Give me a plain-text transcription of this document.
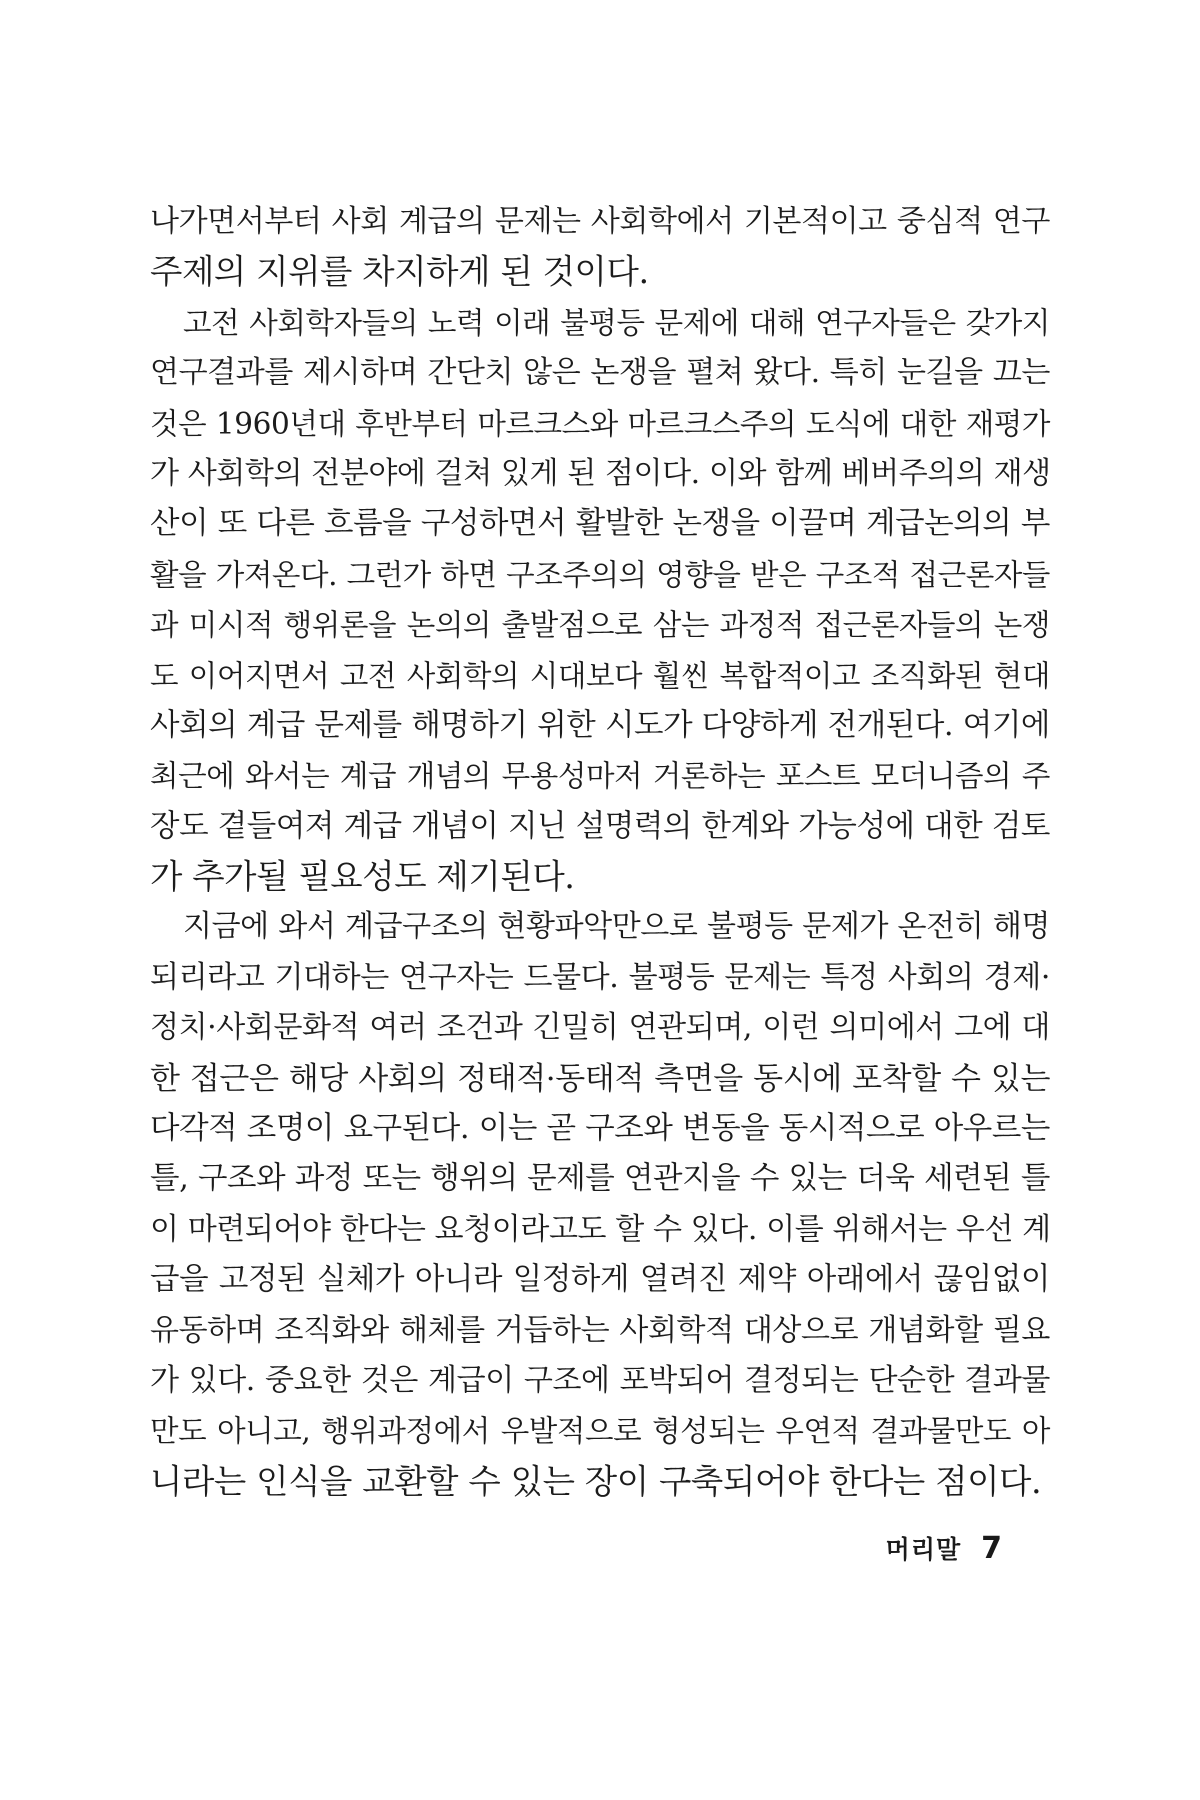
나가면서부터 사회 계급의 문제는 사회학에서 기본적이고 중심적 연구
주제의 지위를 차지하게 된 것이다.
고전 사회학자들의 노력 이래 불평등 문제에 대해 연구자들은 갖가지
연구결과를 제시하며 간단치 않은 논쟁을 펼쳐 왔다. 특히 눈길을 끄는
것은 1960년대 후반부터 마르크스와 마르크스주의 도식에 대한 재평가
가 사회학의 전분야에 걸쳐 있게 된 점이다. 이와 함께 베버주의의 재생
산이 또 다른 흐름을 구성하면서 활발한 논쟁을 이끌며 계급논의의 부
활을 가져온다. 그런가 하면 구조주의의 영향을 받은 구조적 접근론자들
과 미시적 행위론을 논의의 출발점으로 삼는 과정적 접근론자들의 논쟁
도 이어지면서 고전 사회학의 시대보다 훨씬 복합적이고 조직화된 현대
사회의 계급 문제를 해명하기 위한 시도가 다양하게 전개된다. 여기에
최근에 와서는 계급 개념의 무용성마저 거론하는 포스트 모더니즘의 주
장도 곁들여져 계급 개념이 지닌 설명력의 한계와 가능성에 대한 검토
가 추가될 필요성도 제기된다.
지금에 와서 계급구조의 현황파악만으로 불평등 문제가 온전히 해명
되리라고 기대하는 연구자는 드물다. 불평등 문제는 특정 사회의 경제·
정치·사회문화적 여러 조건과 긴밀히 연관되며, 이런 의미에서 그에 대
한 접근은 해당 사회의 정태적·동태적 측면을 동시에 포착할 수 있는
다각적 조명이 요구된다. 이는 곧 구조와 변동을 동시적으로 아우르는
틀, 구조와 과정 또는 행위의 문제를 연관지을 수 있는 더욱 세련된 틀
이 마련되어야 한다는 요청이라고도 할 수 있다. 이를 위해서는 우선 계
급을 고정된 실체가 아니라 일정하게 열려진 제약 아래에서 끊임없이
유동하며 조직화와 해체를 거듭하는 사회학적 대상으로 개념화할 필요
가 있다. 중요한 것은 계급이 구조에 포박되어 결정되는 단순한 결과물
만도 아니고, 행위과정에서 우발적으로 형성되는 우연적 결과물만도 아
니라는 인식을 교환할 수 있는 장이 구축되어야 한다는 점이다.
머리말 7
